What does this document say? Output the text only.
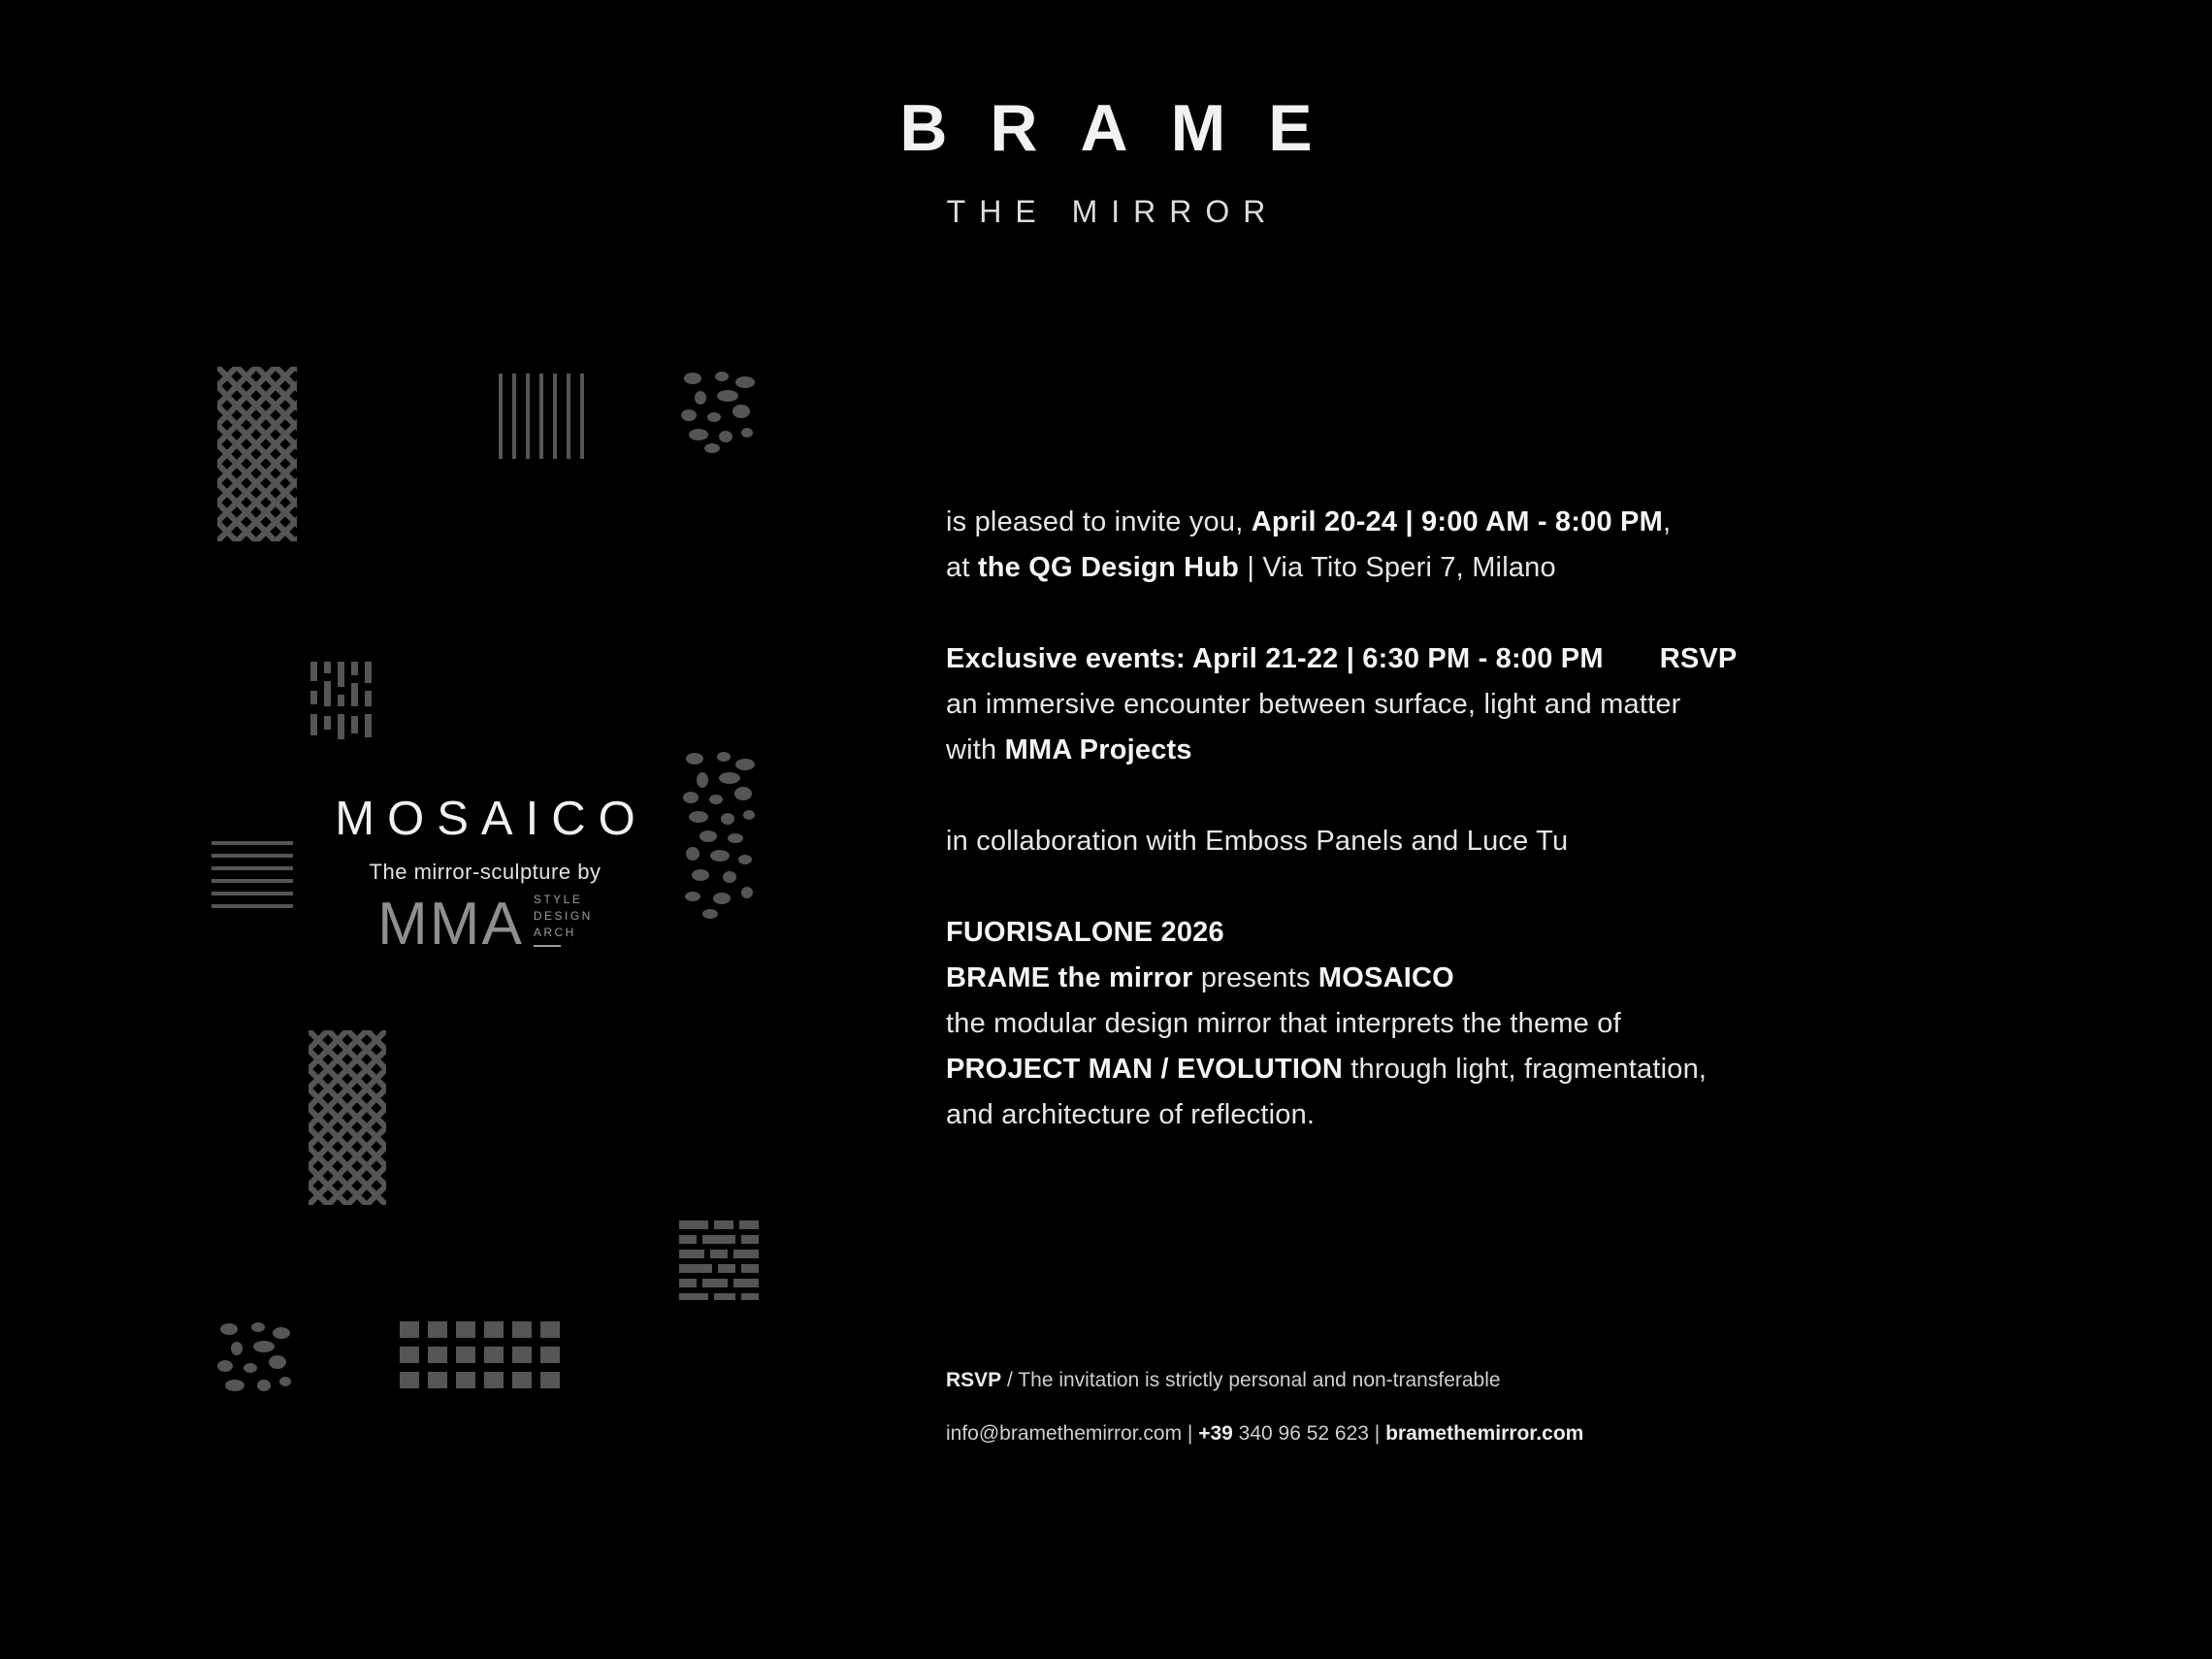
BRAME
THE MIRROR
MOSAICO
The mirror-sculpture by
MMA STYLE
DESIGN
ARCH

is pleased to invite you, April 20-24 | 9:00 AM - 8:00 PM,

at the QG Design Hub | Via Tito Speri 7, Milano

Exclusive events: April 21-22 | 6:30 PM - 8:00 PM RSVP

an immersive encounter between surface, light and matter

with MMA Projects

in collaboration with Emboss Panels and Luce Tu

FUORISALONE 2026

BRAME the mirror presents MOSAICO

the modular design mirror that interprets the theme of

PROJECT MAN / EVOLUTION through light, fragmentation,

and architecture of reflection.

RSVP / The invitation is strictly personal and non-transferable

info@bramethemirror.com | +39 340 96 52 623 | bramethemirror.com
